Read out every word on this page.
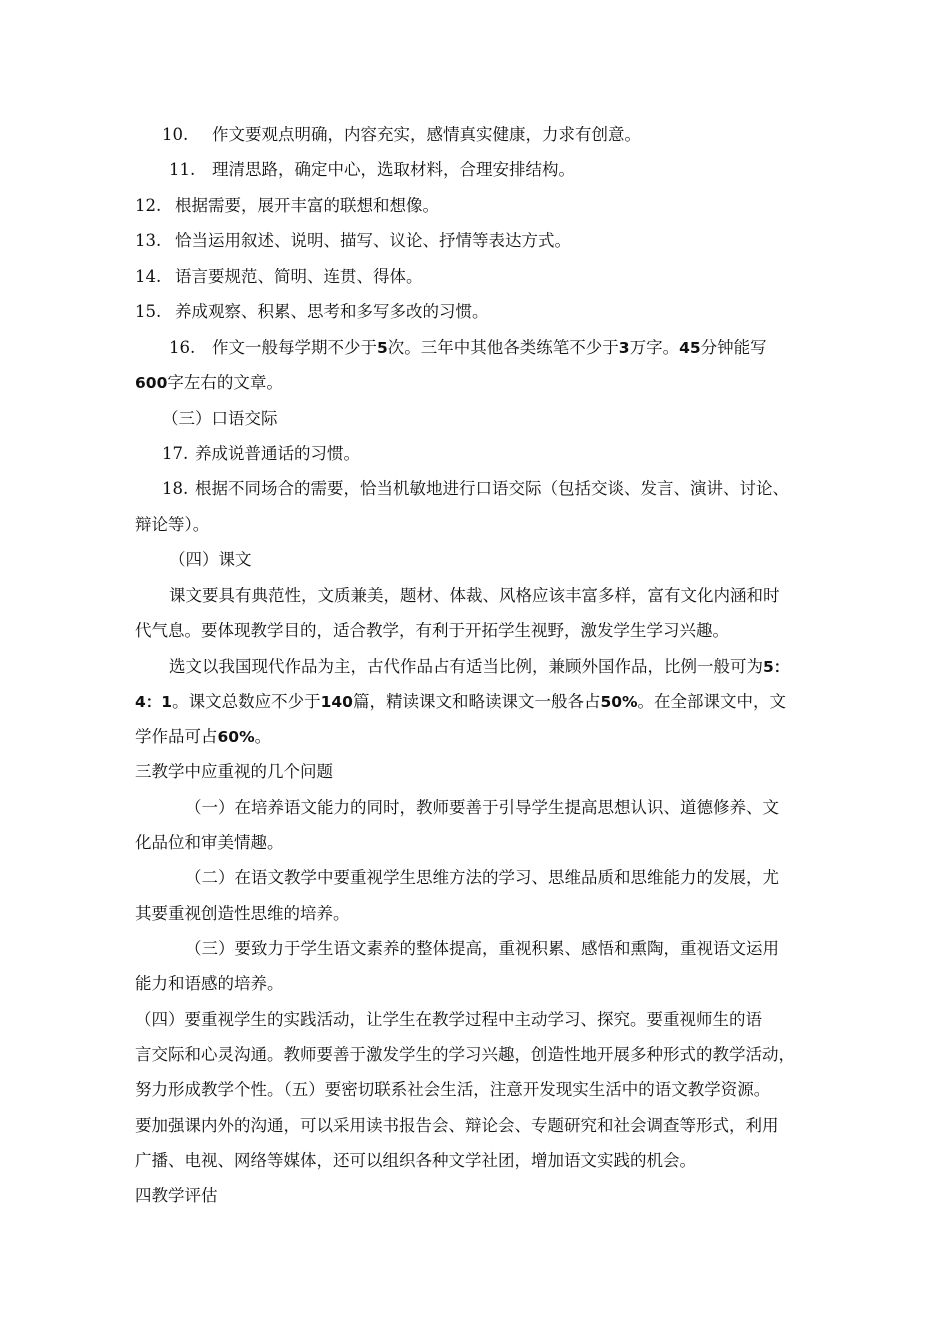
10. 作文要观点明确，内容充实，感情真实健康，力求有创意。
11. 理清思路，确定中心，选取材料，合理安排结构。
12. 根据需要，展开丰富的联想和想像。
13. 恰当运用叙述、说明、描写、议论、抒情等表达方式。
14. 语言要规范、简明、连贯、得体。
15. 养成观察、积累、思考和多写多改的习惯。
16. 作文一般每学期不少于5次。三年中其他各类练笔不少于3万字。45分钟能写
600字左右的文章。
（三）口语交际
17. 养成说普通话的习惯。
18. 根据不同场合的需要，恰当机敏地进行口语交际（包括交谈、发言、演讲、讨论、
辩论等）。
（四）课文
课文要具有典范性，文质兼美，题材、体裁、风格应该丰富多样，富有文化内涵和时
代气息。要体现教学目的，适合教学，有利于开拓学生视野，激发学生学习兴趣。
选文以我国现代作品为主，古代作品占有适当比例，兼顾外国作品，比例一般可为5：
4：1。课文总数应不少于140篇，精读课文和略读课文一般各占50%。在全部课文中，文
学作品可占60%。
三教学中应重视的几个问题
（一）在培养语文能力的同时，教师要善于引导学生提高思想认识、道德修养、文
化品位和审美情趣。
（二）在语文教学中要重视学生思维方法的学习、思维品质和思维能力的发展，尤
其要重视创造性思维的培养。
（三）要致力于学生语文素养的整体提高，重视积累、感悟和熏陶，重视语文运用
能力和语感的培养。
（四）要重视学生的实践活动，让学生在教学过程中主动学习、探究。要重视师生的语
言交际和心灵沟通。教师要善于激发学生的学习兴趣，创造性地开展多种形式的教学活动，
努力形成教学个性。（五）要密切联系社会生活，注意开发现实生活中的语文教学资源。
要加强课内外的沟通，可以采用读书报告会、辩论会、专题研究和社会调查等形式，利用
广播、电视、网络等媒体，还可以组织各种文学社团，增加语文实践的机会。
四教学评估
